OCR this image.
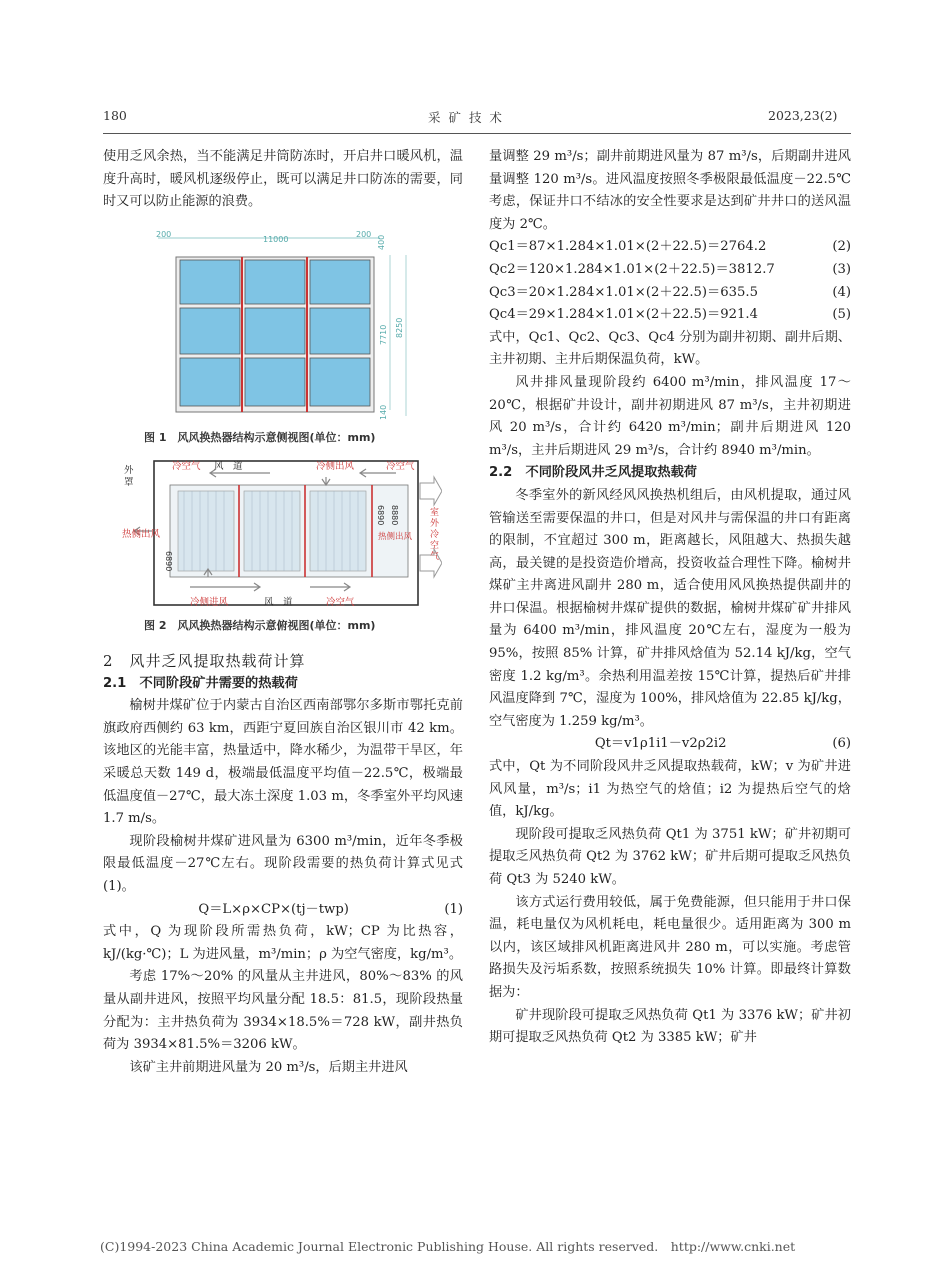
180	采 矿 技 术	2023,23(2)

使用乏风余热，当不能满足井筒防冻时，开启井口暖风机，温度升高时，暖风机逐级停止，既可以满足井口防冻的需要，同时又可以防止能源的浪费。

200
11000
200
400
7710 8250
140
图 1　风风换热器结构示意侧视图(单位：mm)
外
罩
冷空气 风　道	冷侧出风	冷空气
热侧出风	热侧出风
冷侧进风	风　道	冷空气
室
外
冷
空
气
6890
6890 8880
图 2　风风换热器结构示意俯视图(单位：mm)

2　风井乏风提取热载荷计算

2.1　不同阶段矿井需要的热载荷

榆树井煤矿位于内蒙古自治区西南部鄂尔多斯市鄂托克前旗政府西侧约 63 km，西距宁夏回族自治区银川市 42 km。该地区的光能丰富，热量适中，降水稀少，为温带干旱区，年采暖总天数 149 d，极端最低温度平均值－22.5℃，极端最低温度值－27℃，最大冻土深度 1.03 m，冬季室外平均风速 1.7 m/s。

现阶段榆树井煤矿进风量为 6300 m³/min，近年冬季极限最低温度－27℃左右。现阶段需要的热负荷计算式见式(1)。

Q＝L×ρ×CP×(tj－twp)	(1)

式中，Q 为现阶段所需热负荷，kW；CP 为比热容，kJ/(kg·℃)；L 为进风量，m³/min；ρ 为空气密度，kg/m³。

考虑 17%～20% 的风量从主井进风，80%～83% 的风量从副井进风，按照平均风量分配 18.5：81.5，现阶段热量分配为：主井热负荷为 3934×18.5%＝728 kW，副井热负荷为 3934×81.5%＝3206 kW。

该矿主井前期进风量为 20 m³/s，后期主井进风

量调整 29 m³/s；副井前期进风量为 87 m³/s，后期副井进风量调整 120 m³/s。进风温度按照冬季极限最低温度－22.5℃考虑，保证井口不结冰的安全性要求是达到矿井井口的送风温度为 2℃。

Qc1＝87×1.284×1.01×(2＋22.5)＝2764.2	(2)
Qc2＝120×1.284×1.01×(2＋22.5)＝3812.7	(3)
Qc3＝20×1.284×1.01×(2＋22.5)＝635.5	(4)
Qc4＝29×1.284×1.01×(2＋22.5)＝921.4	(5)

式中，Qc1、Qc2、Qc3、Qc4 分别为副井初期、副井后期、主井初期、主井后期保温负荷，kW。

风井排风量现阶段约 6400 m³/min，排风温度 17～20℃，根据矿井设计，副井初期进风 87 m³/s，主井初期进风 20 m³/s，合计约 6420 m³/min；副井后期进风 120 m³/s，主井后期进风 29 m³/s，合计约 8940 m³/min。

2.2　不同阶段风井乏风提取热载荷

冬季室外的新风经风风换热机组后，由风机提取，通过风管输送至需要保温的井口，但是对风井与需保温的井口有距离的限制，不宜超过 300 m，距离越长，风阻越大、热损失越高，最关键的是投资造价增高，投资收益合理性下降。榆树井煤矿主井离进风副井 280 m，适合使用风风换热提供副井的井口保温。根据榆树井煤矿提供的数据，榆树井煤矿矿井排风量为 6400 m³/min，排风温度 20℃左右，湿度为一般为 95%，按照 85% 计算，矿井排风焓值为 52.14 kJ/kg，空气密度 1.2 kg/m³。余热利用温差按 15℃计算，提热后矿井排风温度降到 7℃，湿度为 100%，排风焓值为 22.85 kJ/kg，空气密度为 1.259 kg/m³。

Qt＝v1ρ1i1－v2ρ2i2	(6)

式中，Qt 为不同阶段风井乏风提取热载荷，kW；v 为矿井进风风量，m³/s；i1 为热空气的焓值；i2 为提热后空气的焓值，kJ/kg。

现阶段可提取乏风热负荷 Qt1 为 3751 kW；矿井初期可提取乏风热负荷 Qt2 为 3762 kW；矿井后期可提取乏风热负荷 Qt3 为 5240 kW。

该方式运行费用较低，属于免费能源，但只能用于井口保温，耗电量仅为风机耗电，耗电量很少。适用距离为 300 m 以内，该区域排风机距离进风井 280 m，可以实施。考虑管路损失及污垢系数，按照系统损失 10% 计算。即最终计算数据为：

矿井现阶段可提取乏风热负荷 Qt1 为 3376 kW；矿井初期可提取乏风热负荷 Qt2 为 3385 kW；矿井

(C)1994-2023 China Academic Journal Electronic Publishing House. All rights reserved.　http://www.cnki.net
